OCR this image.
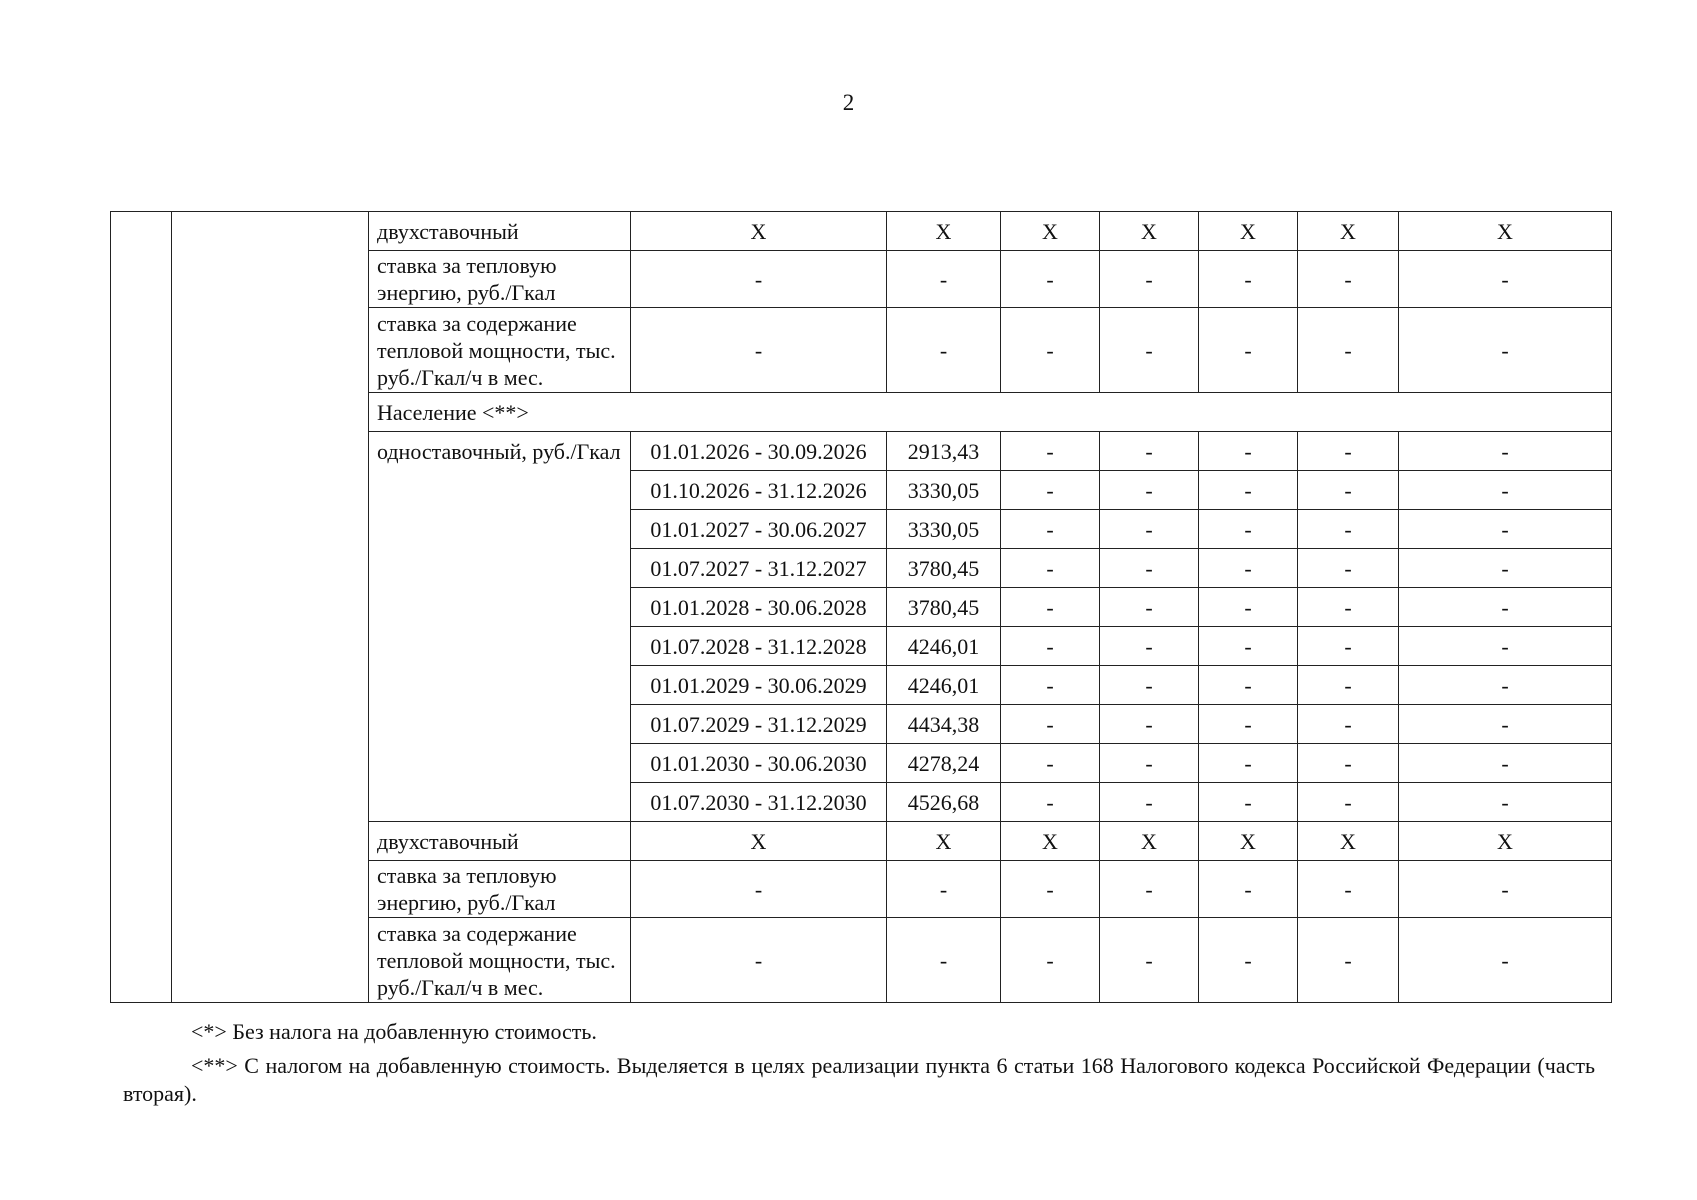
2
		двухставочный	X	X	X	X	X	X	X
		ставка за тепловую энергию, руб./Гкал	-	-	-	-	-	-	-
		ставка за содержание тепловой мощности, тыс. руб./Гкал/ч в мес.	-	-	-	-	-	-	-
		Население <**>							
		одноставочный, руб./Гкал	01.01.2026 - 30.09.2026	2913,43	-	-	-	-	-
			01.10.2026 - 31.12.2026	3330,05	-	-	-	-	-
			01.01.2027 - 30.06.2027	3330,05	-	-	-	-	-
			01.07.2027 - 31.12.2027	3780,45	-	-	-	-	-
			01.01.2028 - 30.06.2028	3780,45	-	-	-	-	-
			01.07.2028 - 31.12.2028	4246,01	-	-	-	-	-
			01.01.2029 - 30.06.2029	4246,01	-	-	-	-	-
			01.07.2029 - 31.12.2029	4434,38	-	-	-	-	-
			01.01.2030 - 30.06.2030	4278,24	-	-	-	-	-
			01.07.2030 - 31.12.2030	4526,68	-	-	-	-	-
		двухставочный	X	X	X	X	X	X	X
		ставка за тепловую энергию, руб./Гкал	-	-	-	-	-	-	-
		ставка за содержание тепловой мощности, тыс. руб./Гкал/ч в мес.	-	-	-	-	-	-	-

<*> Без налога на добавленную стоимость.

<**> С налогом на добавленную стоимость. Выделяется в целях реализации пункта 6 статьи 168 Налогового кодекса Российской Федерации (часть вторая).
